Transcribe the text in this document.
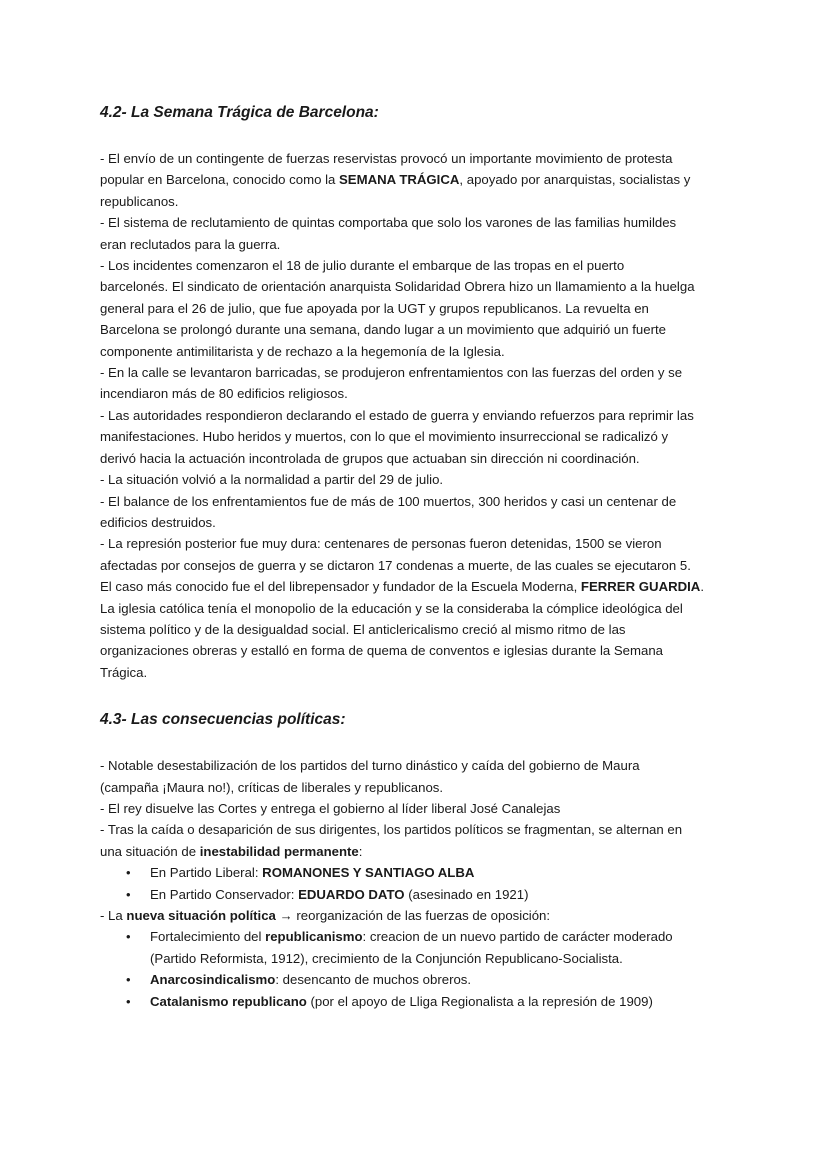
4.2- La Semana Trágica de Barcelona:

- El envío de un contingente de fuerzas reservistas provocó un importante movimiento de protesta

popular en Barcelona, conocido como la SEMANA TRÁGICA, apoyado por anarquistas, socialistas y

republicanos.

- El sistema de reclutamiento de quintas comportaba que solo los varones de las familias humildes

eran reclutados para la guerra.

- Los incidentes comenzaron el 18 de julio durante el embarque de las tropas en el puerto

barcelonés. El sindicato de orientación anarquista Solidaridad Obrera hizo un llamamiento a la huelga

general para el 26 de julio, que fue apoyada por la UGT y grupos republicanos. La revuelta en

Barcelona se prolongó durante una semana, dando lugar a un movimiento que adquirió un fuerte

componente antimilitarista y de rechazo a la hegemonía de la Iglesia.

- En la calle se levantaron barricadas, se produjeron enfrentamientos con las fuerzas del orden y se

incendiaron más de 80 edificios religiosos.

- Las autoridades respondieron declarando el estado de guerra y enviando refuerzos para reprimir las

manifestaciones. Hubo heridos y muertos, con lo que el movimiento insurreccional se radicalizó y

derivó hacia la actuación incontrolada de grupos que actuaban sin dirección ni coordinación.

- La situación volvió a la normalidad a partir del 29 de julio.

- El balance de los enfrentamientos fue de más de 100 muertos, 300 heridos y casi un centenar de

edificios destruidos.

- La represión posterior fue muy dura: centenares de personas fueron detenidas, 1500 se vieron

afectadas por consejos de guerra y se dictaron 17 condenas a muerte, de las cuales se ejecutaron 5.

El caso más conocido fue el del librepensador y fundador de la Escuela Moderna, FERRER GUARDIA.

La iglesia católica tenía el monopolio de la educación y se la consideraba la cómplice ideológica del

sistema político y de la desigualdad social. El anticlericalismo creció al mismo ritmo de las

organizaciones obreras y estalló en forma de quema de conventos e iglesias durante la Semana

Trágica.

4.3- Las consecuencias políticas:

- Notable desestabilización de los partidos del turno dinástico y caída del gobierno de Maura

(campaña ¡Maura no!), críticas de liberales y republicanos.

- El rey disuelve las Cortes y entrega el gobierno al líder liberal José Canalejas

- Tras la caída o desaparición de sus dirigentes, los partidos políticos se fragmentan, se alternan en

una situación de inestabilidad permanente:

• En Partido Liberal: ROMANONES Y SANTIAGO ALBA
• En Partido Conservador: EDUARDO DATO (asesinado en 1921)

- La nueva situación política → reorganización de las fuerzas de oposición:

• Fortalecimiento del republicanismo: creacion de un nuevo partido de carácter moderado
(Partido Reformista, 1912), crecimiento de la Conjunción Republicano-Socialista.
• Anarcosindicalismo: desencanto de muchos obreros.
• Catalanismo republicano (por el apoyo de Lliga Regionalista a la represión de 1909)
